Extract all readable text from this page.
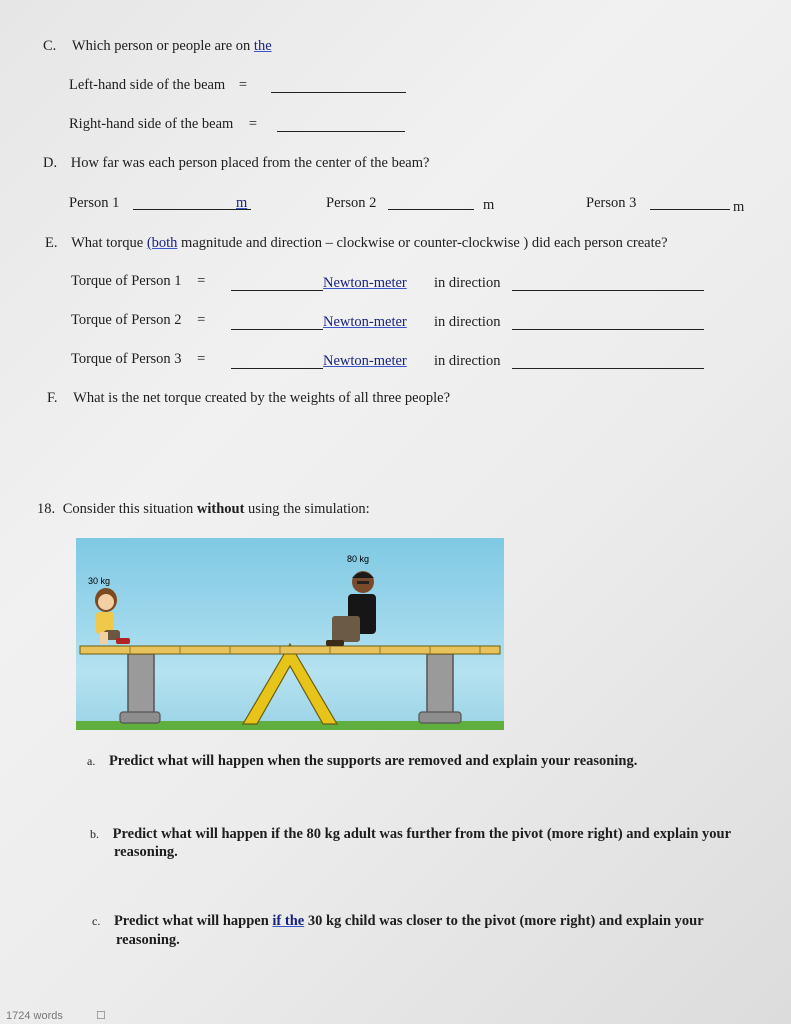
C. Which person or people are on the
Left-hand side of the beam =
Right-hand side of the beam =
D. How far was each person placed from the center of the beam?
Person 1	m	Person 2	m	Person 3	m
E. What torque (both magnitude and direction – clockwise or counter-clockwise ) did each person create?
Torque of Person 1 =	Newton-meter in direction
Torque of Person 2 =	Newton-meter in direction
Torque of Person 3 =	Newton-meter in direction
F. What is the net torque created by the weights of all three people?
18. Consider this situation without using the simulation:
30 kg
80 kg
a. Predict what will happen when the supports are removed and explain your reasoning.
b. Predict what will happen if the 80 kg adult was further from the pivot (more right) and explain your
reasoning.
c. Predict what will happen if the 30 kg child was closer to the pivot (more right) and explain your
reasoning.
1724 words	☐
